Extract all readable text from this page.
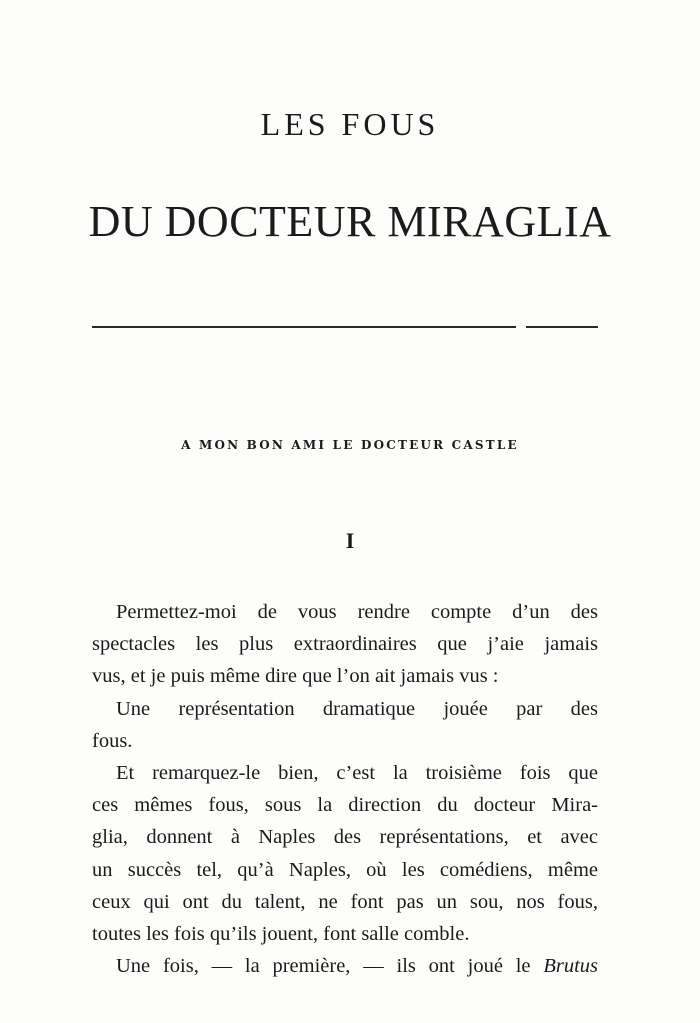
LES FOUS
DU DOCTEUR MIRAGLIA
A MON BON AMI LE DOCTEUR CASTLE
I
Permettez-moi de vous rendre compte d’un des
spectacles les plus extraordinaires que j’aie jamais
vus, et je puis même dire que l’on ait jamais vus :
Une représentation dramatique jouée par des
fous.
Et remarquez-le bien, c’est la troisième fois que
ces mêmes fous, sous la direction du docteur Mira-
glia, donnent à Naples des représentations, et avec
un succès tel, qu’à Naples, où les comédiens, même
ceux qui ont du talent, ne font pas un sou, nos fous,
toutes les fois qu’ils jouent, font salle comble.
Une fois, — la première, — ils ont joué le Brutus
